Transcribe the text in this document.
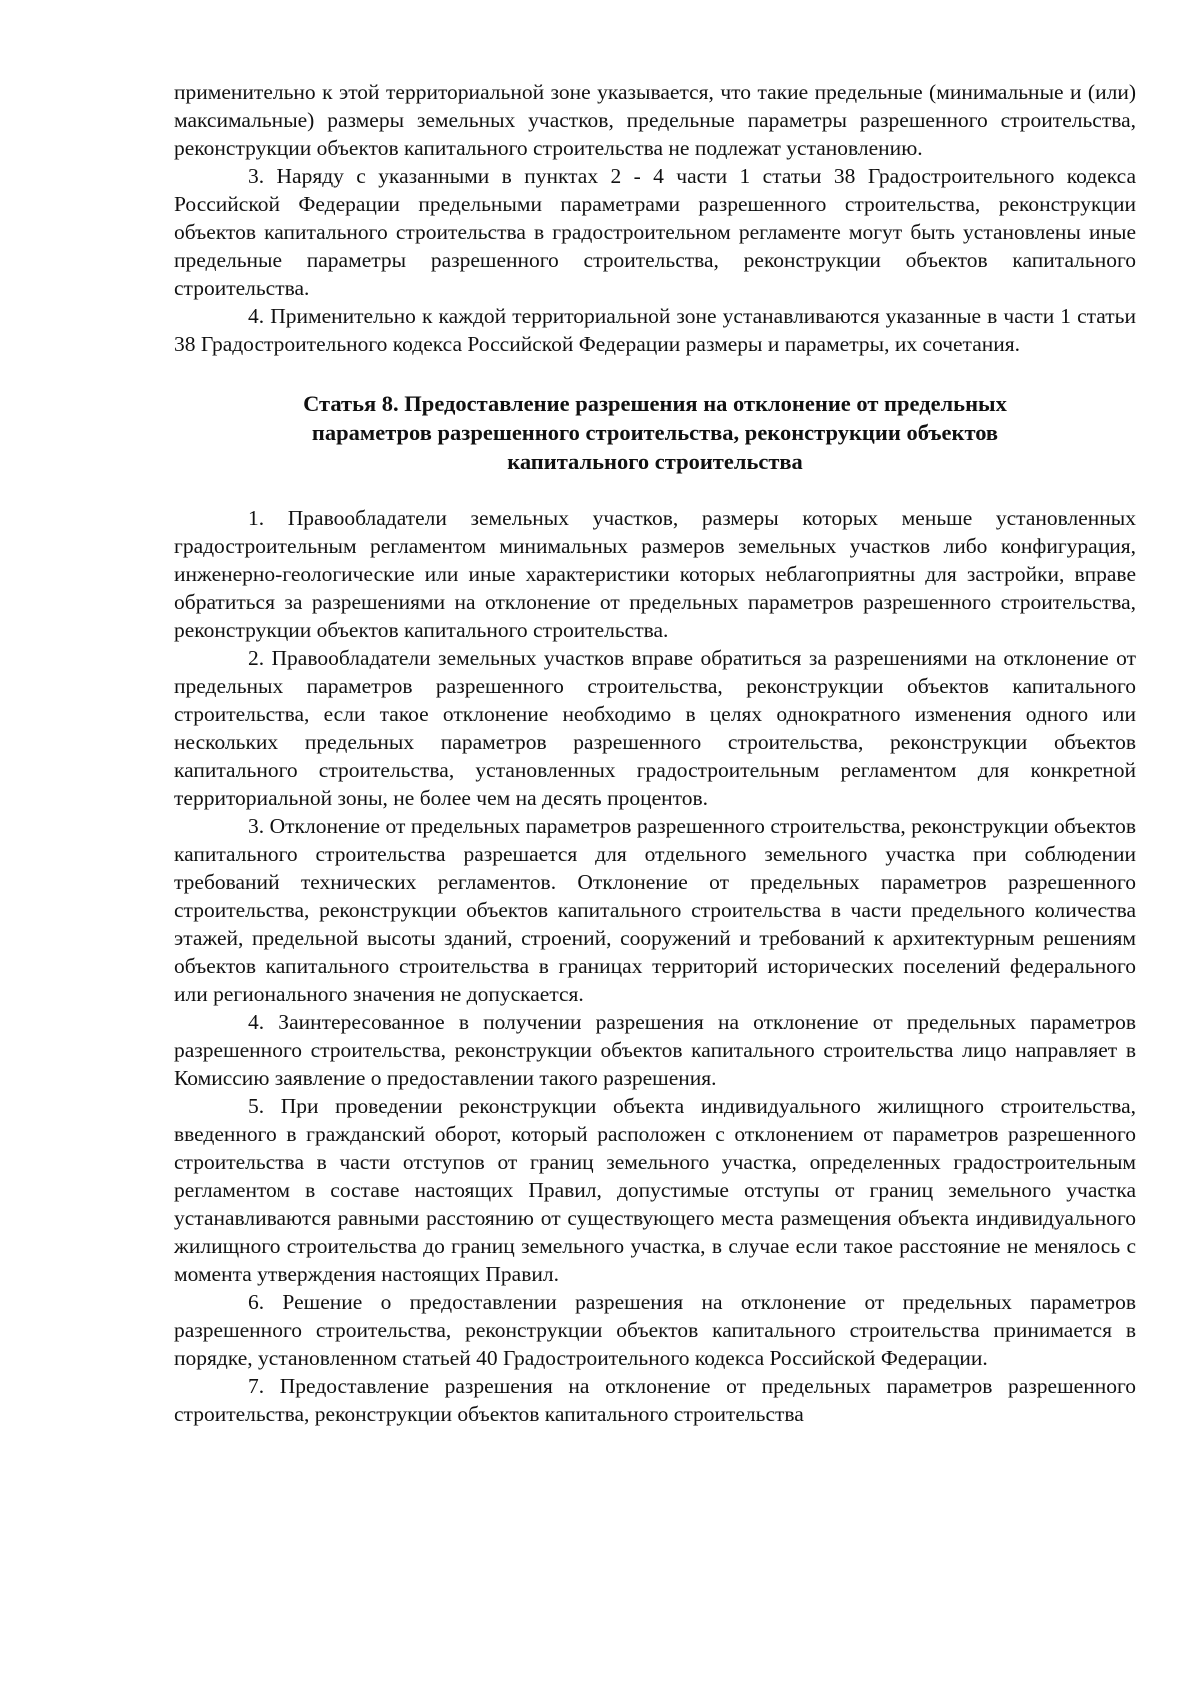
применительно к этой территориальной зоне указывается, что такие предельные (минимальные и (или) максимальные) размеры земельных участков, предельные параметры разрешенного строительства, реконструкции объектов капитального строительства не подлежат установлению.

3. Наряду с указанными в пунктах 2 - 4 части 1 статьи 38 Градостроительного кодекса Российской Федерации предельными параметрами разрешенного строительства, реконструкции объектов капитального строительства в градостроительном регламенте могут быть установлены иные предельные параметры разрешенного строительства, реконструкции объектов капитального строительства.

4. Применительно к каждой территориальной зоне устанавливаются указанные в части 1 статьи 38 Градостроительного кодекса Российской Федерации размеры и параметры, их сочетания.

Статья 8. Предоставление разрешения на отклонение от предельных
параметров разрешенного строительства, реконструкции объектов
капитального строительства

1. Правообладатели земельных участков, размеры которых меньше установленных градостроительным регламентом минимальных размеров земельных участков либо конфигурация, инженерно-геологические или иные характеристики которых неблагоприятны для застройки, вправе обратиться за разрешениями на отклонение от предельных параметров разрешенного строительства, реконструкции объектов капитального строительства.

2. Правообладатели земельных участков вправе обратиться за разрешениями на отклонение от предельных параметров разрешенного строительства, реконструкции объектов капитального строительства, если такое отклонение необходимо в целях однократного изменения одного или нескольких предельных параметров разрешенного строительства, реконструкции объектов капитального строительства, установленных градостроительным регламентом для конкретной территориальной зоны, не более чем на десять процентов.

3. Отклонение от предельных параметров разрешенного строительства, реконструкции объектов капитального строительства разрешается для отдельного земельного участка при соблюдении требований технических регламентов. Отклонение от предельных параметров разрешенного строительства, реконструкции объектов капитального строительства в части предельного количества этажей, предельной высоты зданий, строений, сооружений и требований к архитектурным решениям объектов капитального строительства в границах территорий исторических поселений федерального или регионального значения не допускается.

4. Заинтересованное в получении разрешения на отклонение от предельных параметров разрешенного строительства, реконструкции объектов капитального строительства лицо направляет в Комиссию заявление о предоставлении такого разрешения.

5. При проведении реконструкции объекта индивидуального жилищного строительства, введенного в гражданский оборот, который расположен с отклонением от параметров разрешенного строительства в части отступов от границ земельного участка, определенных градостроительным регламентом в составе настоящих Правил, допустимые отступы от границ земельного участка устанавливаются равными расстоянию от существующего места размещения объекта индивидуального жилищного строительства до границ земельного участка, в случае если такое расстояние не менялось с момента утверждения настоящих Правил.

6. Решение о предоставлении разрешения на отклонение от предельных параметров разрешенного строительства, реконструкции объектов капитального строительства принимается в порядке, установленном статьей 40 Градостроительного кодекса Российской Федерации.

7. Предоставление разрешения на отклонение от предельных параметров разрешенного строительства, реконструкции объектов капитального строительства
